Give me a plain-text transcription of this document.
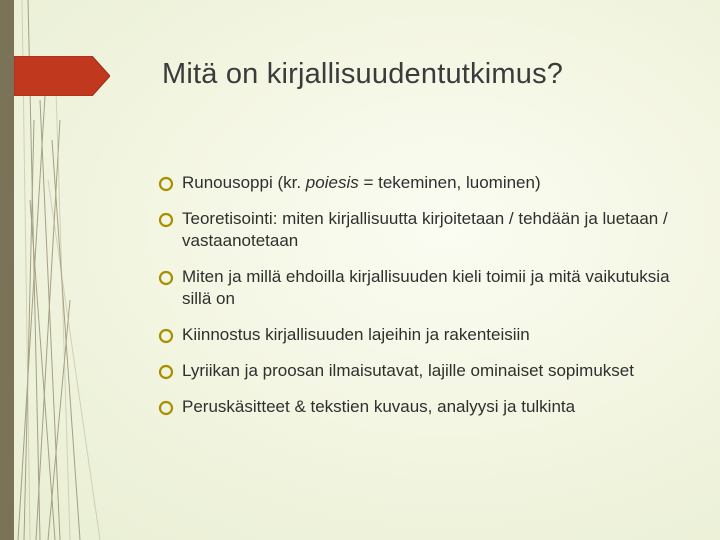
Mitä on kirjallisuudentutkimus?
Runousoppi (kr. poiesis = tekeminen, luominen)
Teoretisointi: miten kirjallisuutta kirjoitetaan / tehdään ja luetaan / vastaanotetaan
Miten ja millä ehdoilla kirjallisuuden kieli toimii ja mitä vaikutuksia sillä on
Kiinnostus kirjallisuuden lajeihin ja rakenteisiin
Lyriikan ja proosan ilmaisutavat, lajille ominaiset sopimukset
Peruskäsitteet & tekstien kuvaus, analyysi ja tulkinta
